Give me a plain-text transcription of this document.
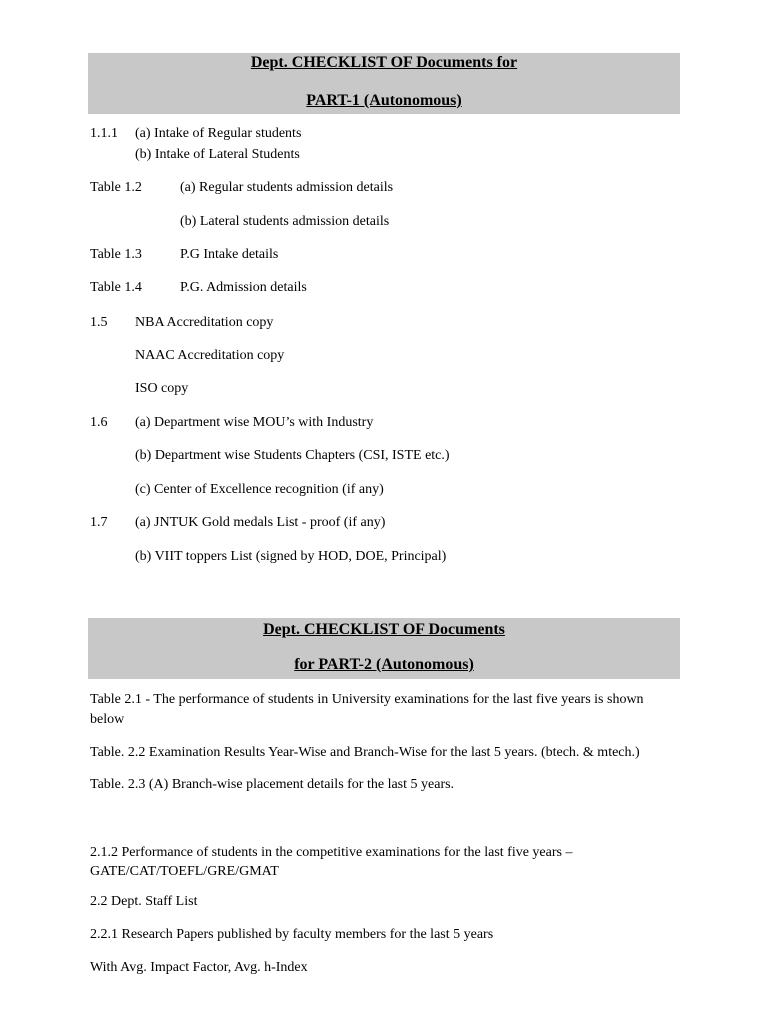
Dept. CHECKLIST OF Documents for
PART-1 (Autonomous)
1.1.1 (a) Intake of Regular students
(b) Intake of Lateral Students
Table 1.2	(a) Regular students admission details
(b) Lateral students admission details
Table 1.3	P.G Intake details
Table 1.4	P.G. Admission details
1.5 NBA Accreditation copy
NAAC Accreditation copy
ISO copy
1.6 (a) Department wise MOU’s with Industry
(b) Department wise Students Chapters (CSI, ISTE etc.)
(c) Center of Excellence recognition (if any)
1.7 (a) JNTUK Gold medals List - proof (if any)
(b) VIIT toppers List (signed by HOD, DOE, Principal)
Dept. CHECKLIST OF Documents
for PART-2 (Autonomous)
Table 2.1 - The performance of students in University examinations for the last five years is shown below
Table. 2.2 Examination Results Year-Wise and Branch-Wise for the last 5 years. (btech. & mtech.)
Table. 2.3 (A) Branch-wise placement details for the last 5 years.
2.1.2 Performance of students in the competitive examinations for the last five years – GATE/CAT/TOEFL/GRE/GMAT
2.2 Dept. Staff List
2.2.1 Research Papers published by faculty members for the last 5 years
With Avg. Impact Factor, Avg. h-Index
